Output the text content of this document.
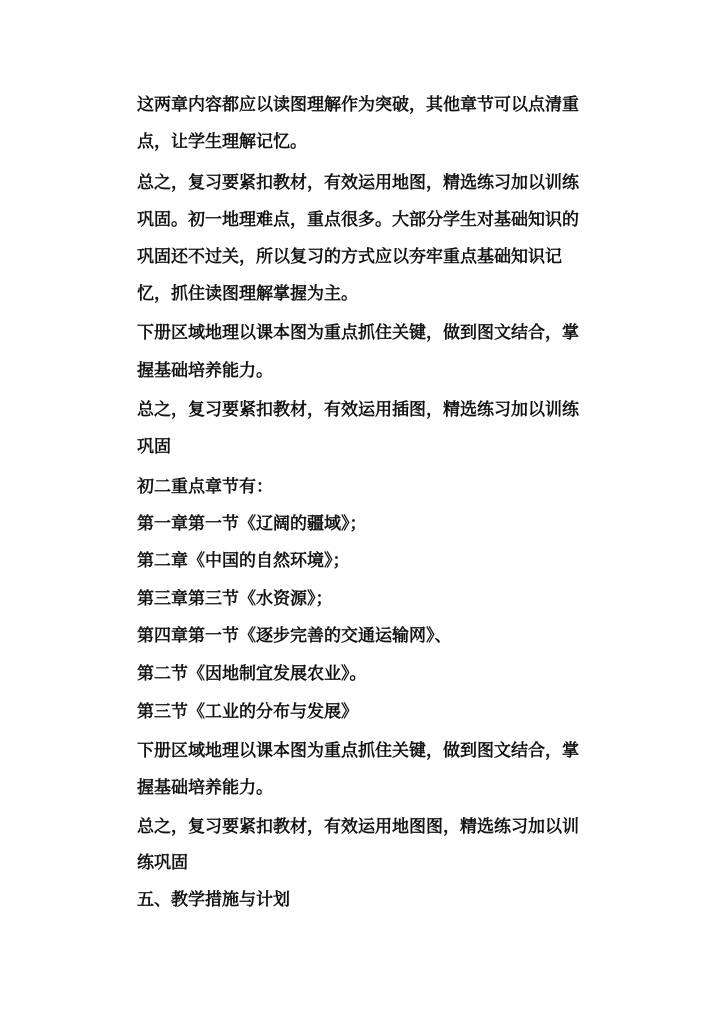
这两章内容都应以读图理解作为突破，其他章节可以点清重

点，让学生理解记忆。

总之，复习要紧扣教材，有效运用地图，精选练习加以训练

巩固。初一地理难点，重点很多。大部分学生对基础知识的

巩固还不过关，所以复习的方式应以夯牢重点基础知识记

忆，抓住读图理解掌握为主。

下册区域地理以课本图为重点抓住关键，做到图文结合，掌

握基础培养能力。

总之，复习要紧扣教材，有效运用插图，精选练习加以训练

巩固

初二重点章节有：

第一章第一节《辽阔的疆域》；

第二章《中国的自然环境》；

第三章第三节《水资源》；

第四章第一节《逐步完善的交通运输网》、

第二节《因地制宜发展农业》。

第三节《工业的分布与发展》

下册区域地理以课本图为重点抓住关键，做到图文结合，掌

握基础培养能力。

总之，复习要紧扣教材，有效运用地图图，精选练习加以训

练巩固

五、教学措施与计划
